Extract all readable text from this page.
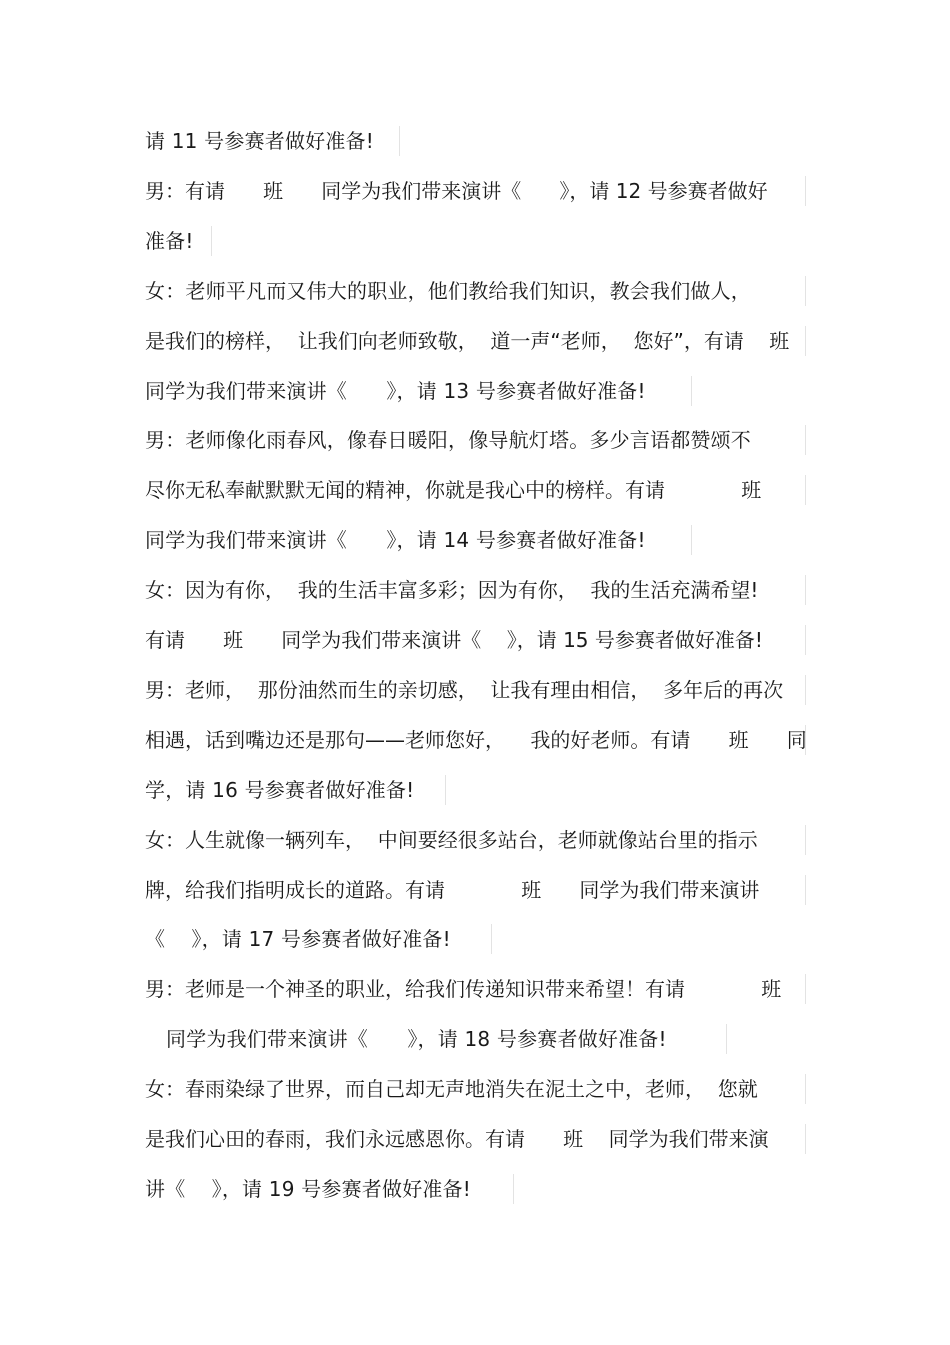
请 11 号参赛者做好准备!
男：有请      班      同学为我们带来演讲《      》，请 12 号参赛者做好
准备!
女：老师平凡而又伟大的职业，他们教给我们知识，教会我们做人，
是我们的榜样，  让我们向老师致敬，  道一声“老师，  您好”，有请    班
同学为我们带来演讲《      》，请 13 号参赛者做好准备!
男：老师像化雨春风，像春日暖阳，像导航灯塔。多少言语都赞颂不
尽你无私奉献默默无闻的精神，你就是我心中的榜样。有请            班
同学为我们带来演讲《      》，请 14 号参赛者做好准备!
女：因为有你，  我的生活丰富多彩；因为有你，  我的生活充满希望!
有请      班      同学为我们带来演讲《    》，请 15 号参赛者做好准备!
男：老师，  那份油然而生的亲切感，  让我有理由相信，  多年后的再次
相遇，话到嘴边还是那句——老师您好，    我的好老师。有请      班      同
学，请 16 号参赛者做好准备!
女：人生就像一辆列车，  中间要经很多站台，老师就像站台里的指示
牌，给我们指明成长的道路。有请            班      同学为我们带来演讲
《    》，请 17 号参赛者做好准备!
男：老师是一个神圣的职业，给我们传递知识带来希望！有请            班
同学为我们带来演讲《      》，请 18 号参赛者做好准备!
女：春雨染绿了世界，而自己却无声地消失在泥土之中，老师，  您就
是我们心田的春雨，我们永远感恩你。有请      班    同学为我们带来演
讲《    》，请 19 号参赛者做好准备!
